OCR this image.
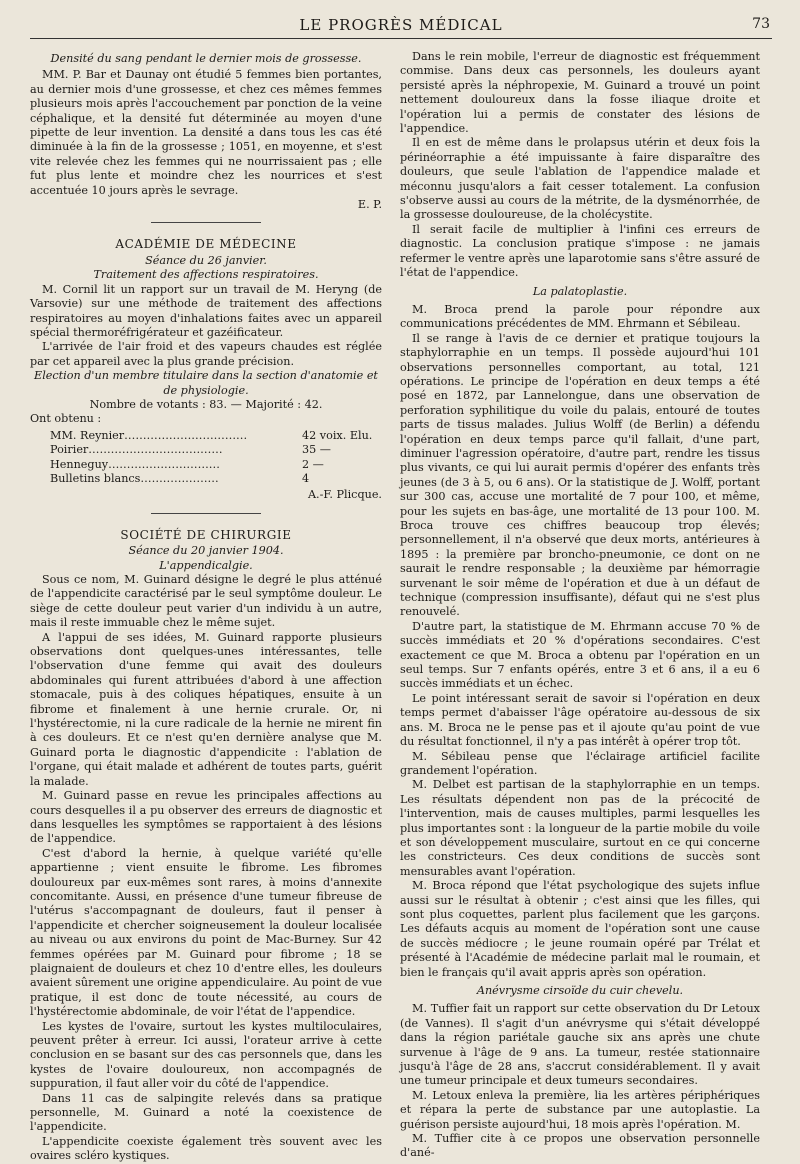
LE PROGRÈS MÉDICAL	73
Densité du sang pendant le dernier mois de grossesse.

MM. P. Bar et Daunay ont étudié 5 femmes bien portantes, au dernier mois d'une grossesse, et chez ces mêmes femmes plusieurs mois après l'accouchement par ponction de la veine céphalique, et la densité fut déterminée au moyen d'une pipette de leur invention. La densité a dans tous les cas été diminuée à la fin de la grossesse ; 1051, en moyenne, et s'est vite relevée chez les femmes qui ne nourrissaient pas ; elle fut plus lente et moindre chez les nourrices et s'est accentuée 10 jours après le sevrage.

E. P.
ACADÉMIE DE MÉDECINE
Séance du 26 janvier.
Traitement des affections respiratoires.

M. Cornil lit un rapport sur un travail de M. Heryng (de Varsovie) sur une méthode de traitement des affections respiratoires au moyen d'inhalations faites avec un appareil spécial thermoréfrigérateur et gazéificateur.

L'arrivée de l'air froid et des vapeurs chaudes est réglée par cet appareil avec la plus grande précision.

Election d'un membre titulaire dans la section d'anatomie et de physiologie.
Nombre de votants : 83. — Majorité : 42.

Ont obtenu :

MM. Reynier……………………………	42 voix. Elu.
Poirier………………………………	35 —
Henneguy…………………………	2 —
Bulletins blancs…………………	4
A.-F. Plicque.
SOCIÉTÉ DE CHIRURGIE
Séance du 20 janvier 1904.
L'appendicalgie.

Sous ce nom, M. Guinard désigne le degré le plus atténué de l'appendicite caractérisé par le seul symptôme douleur. Le siège de cette douleur peut varier d'un individu à un autre, mais il reste immuable chez le même sujet.

A l'appui de ses idées, M. Guinard rapporte plusieurs observations dont quelques-unes intéressantes, telle l'observation d'une femme qui avait des douleurs abdominales qui furent attribuées d'abord à une affection stomacale, puis à des coliques hépatiques, ensuite à un fibrome et finalement à une hernie crurale. Or, ni l'hystérectomie, ni la cure radicale de la hernie ne mirent fin à ces douleurs. Et ce n'est qu'en dernière analyse que M. Guinard porta le diagnostic d'appendicite : l'ablation de l'organe, qui était malade et adhérent de toutes parts, guérit la malade.

M. Guinard passe en revue les principales affections au cours desquelles il a pu observer des erreurs de diagnostic et dans lesquelles les symptômes se rapportaient à des lésions de l'appendice.

C'est d'abord la hernie, à quelque variété qu'elle appartienne ; vient ensuite le fibrome. Les fibromes douloureux par eux-mêmes sont rares, à moins d'annexite concomitante. Aussi, en présence d'une tumeur fibreuse de l'utérus s'accompagnant de douleurs, faut il penser à l'appendicite et chercher soigneusement la douleur localisée au niveau ou aux environs du point de Mac-Burney. Sur 42 femmes opérées par M. Guinard pour fibrome ; 18 se plaignaient de douleurs et chez 10 d'entre elles, les douleurs avaient sûrement une origine appendiculaire. Au point de vue pratique, il est donc de toute nécessité, au cours de l'hystérectomie abdominale, de voir l'état de l'appendice.

Les kystes de l'ovaire, surtout les kystes multiloculaires, peuvent prêter à erreur. Ici aussi, l'orateur arrive à cette conclusion en se basant sur des cas personnels que, dans les kystes de l'ovaire douloureux, non accompagnés de suppuration, il faut aller voir du côté de l'appendice.

Dans 11 cas de salpingite relevés dans sa pratique personnelle, M. Guinard a noté la coexistence de l'appendicite.

L'appendicite coexiste également très souvent avec les ovaires scléro kystiques.

Dans le rein mobile, l'erreur de diagnostic est fréquemment commise. Dans deux cas personnels, les douleurs ayant persisté après la néphropexie, M. Guinard a trouvé un point nettement douloureux dans la fosse iliaque droite et l'opération lui a permis de constater des lésions de l'appendice.

Il en est de même dans le prolapsus utérin et deux fois la périnéorraphie a été impuissante à faire disparaître des douleurs, que seule l'ablation de l'appendice malade et méconnu jusqu'alors a fait cesser totalement. La confusion s'observe aussi au cours de la métrite, de la dysménorrhée, de la grossesse douloureuse, de la cholécystite.

Il serait facile de multiplier à l'infini ces erreurs de diagnostic. La conclusion pratique s'impose : ne jamais refermer le ventre après une laparotomie sans s'être assuré de l'état de l'appendice.

La palatoplastie.

M. Broca prend la parole pour répondre aux communications précédentes de MM. Ehrmann et Sébileau.

Il se range à l'avis de ce dernier et pratique toujours la staphylorraphie en un temps. Il possède aujourd'hui 101 observations personnelles comportant, au total, 121 opérations. Le principe de l'opération en deux temps a été posé en 1872, par Lannelongue, dans une observation de perforation syphilitique du voile du palais, entouré de toutes parts de tissus malades. Julius Wolff (de Berlin) a défendu l'opération en deux temps parce qu'il fallait, d'une part, diminuer l'agression opératoire, d'autre part, rendre les tissus plus vivants, ce qui lui aurait permis d'opérer des enfants très jeunes (de 3 à 5, ou 6 ans). Or la statistique de J. Wolff, portant sur 300 cas, accuse une mortalité de 7 pour 100, et même, pour les sujets en bas-âge, une mortalité de 13 pour 100. M. Broca trouve ces chiffres beaucoup trop élevés; personnellement, il n'a observé que deux morts, antérieures à 1895 : la première par broncho-pneumonie, ce dont on ne saurait le rendre responsable ; la deuxième par hémorragie survenant le soir même de l'opération et due à un défaut de technique (compression insuffisante), défaut qui ne s'est plus renouvelé.

D'autre part, la statistique de M. Ehrmann accuse 70 % de succès immédiats et 20 % d'opérations secondaires. C'est exactement ce que M. Broca a obtenu par l'opération en un seul temps. Sur 7 enfants opérés, entre 3 et 6 ans, il a eu 6 succès immédiats et un échec.

Le point intéressant serait de savoir si l'opération en deux temps permet d'abaisser l'âge opératoire au-dessous de six ans. M. Broca ne le pense pas et il ajoute qu'au point de vue du résultat fonctionnel, il n'y a pas intérêt à opérer trop tôt.

M. Sébileau pense que l'éclairage artificiel facilite grandement l'opération.

M. Delbet est partisan de la staphylorraphie en un temps. Les résultats dépendent non pas de la précocité de l'intervention, mais de causes multiples, parmi lesquelles les plus importantes sont : la longueur de la partie mobile du voile et son développement musculaire, surtout en ce qui concerne les constricteurs. Ces deux conditions de succès sont mensurables avant l'opération.

M. Broca répond que l'état psychologique des sujets influe aussi sur le résultat à obtenir ; c'est ainsi que les filles, qui sont plus coquettes, parlent plus facilement que les garçons. Les défauts acquis au moment de l'opération sont une cause de succès médiocre ; le jeune roumain opéré par Trélat et présenté à l'Académie de médecine parlait mal le roumain, et bien le français qu'il avait appris après son opération.

Anévrysme cirsoïde du cuir chevelu.

M. Tuffier fait un rapport sur cette observation du Dr Letoux (de Vannes). Il s'agit d'un anévrysme qui s'était développé dans la région pariétale gauche six ans après une chute survenue à l'âge de 9 ans. La tumeur, restée stationnaire jusqu'à l'âge de 28 ans, s'accrut considérablement. Il y avait une tumeur principale et deux tumeurs secondaires.

M. Letoux enleva la première, lia les artères périphériques et répara la perte de substance par une autoplastie. La guérison persiste aujourd'hui, 18 mois après l'opération. M.

M. Tuffier cite à ce propos une observation personnelle d'ané-
